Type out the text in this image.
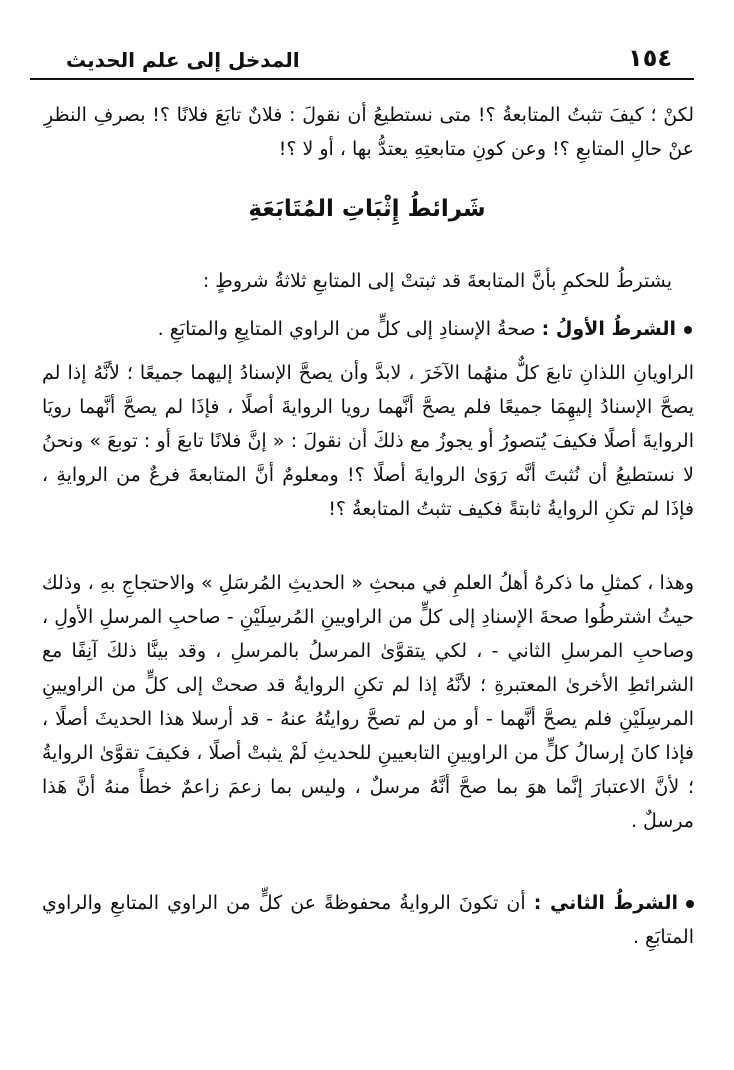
١٥٤
المدخل إلى علم الحديث

لكنْ ؛ كيفَ تثبتُ المتابعةُ ؟! متى نستطيعُ أن نقولَ : فلانٌ تابَعَ فلانًا ؟! بصرفِ النظرِ عنْ حالِ المتابعِ ؟! وعن كونِ متابعتِهِ يعتدُّ بها ، أو لا ؟!

شَرائطُ إِثْبَاتِ المُتَابَعَةِ

يشترطُ للحكمِ بأنَّ المتابعةَ قد ثبتتْ إلى المتابعِ ثلاثةُ شروطٍ :

الشرطُ الأولُ : صحةُ الإسنادِ إلى كلٍّ من الراوي المتابِعِ والمتابَعِ .

الراويانِ اللذانِ تابعَ كلٌّ منهُما الآخَرَ ، لابدَّ وأن يصحَّ الإسنادُ إليهما جميعًا ؛ لأنَّهُ إذا لم يصحَّ الإسنادُ إليهِمَا جميعًا فلم يصحَّ أنَّهما رويا الروايةَ أصلًا ، فإذَا لم يصحَّ أنَّهما رويَا الروايةَ أصلًا فكيفَ يُتصورُ أو يجوزُ مع ذلكَ أن نقولَ : « إنَّ فلانًا تابعَ أو : توبعَ » ونحنُ لا نستطيعُ أن نُثبتَ أنَّه رَوَىٰ الروايةَ أصلًا ؟! ومعلومٌ أنَّ المتابعةَ فرعٌ من الروايةِ ، فإذَا لم تكنِ الروايةُ ثابتةً فكيف تثبتُ المتابعةُ ؟!

وهذا ، كمثلِ ما ذكرهُ أهلُ العلمِ في مبحثِ « الحديثِ المُرسَلِ » والاحتجاجِ بهِ ، وذلك حيثُ اشترطُوا صحةَ الإسنادِ إلى كلٍّ من الراويينِ المُرسِلَيْنِ - صاحبِ المرسلِ الأولِ ، وصاحبِ المرسلِ الثاني - ، لكي يتقوَّىٰ المرسلُ بالمرسلِ ، وقد بينَّا ذلكَ آنِفًا مع الشرائطِ الأخرىٰ المعتبرةِ ؛ لأنَّهُ إذا لم تكنِ الروايةُ قد صحتْ إلى كلٍّ من الراويينِ المرسِلَيْنِ فلم يصحَّ أنَّهما - أو من لم تصحَّ روايتُهُ عنهُ - قد أرسلا هذا الحديثَ أصلًا ، فإذا كانَ إرسالُ كلٍّ من الراويينِ التابعيينِ للحديثِ لَمْ يثبتْ أصلًا ، فكيفَ تقوَّىٰ الروايةُ ؛ لأنَّ الاعتبارَ إنَّما هوَ بما صحَّ أنَّهُ مرسلٌ ، وليس بما زعمَ زاعمٌ خطأً منهُ أنَّ هَذا مرسلٌ .

الشرطُ الثاني : أن تكونَ الروايةُ محفوظةً عن كلٍّ من الراوي المتابعِ والراوي المتابَعِ .
